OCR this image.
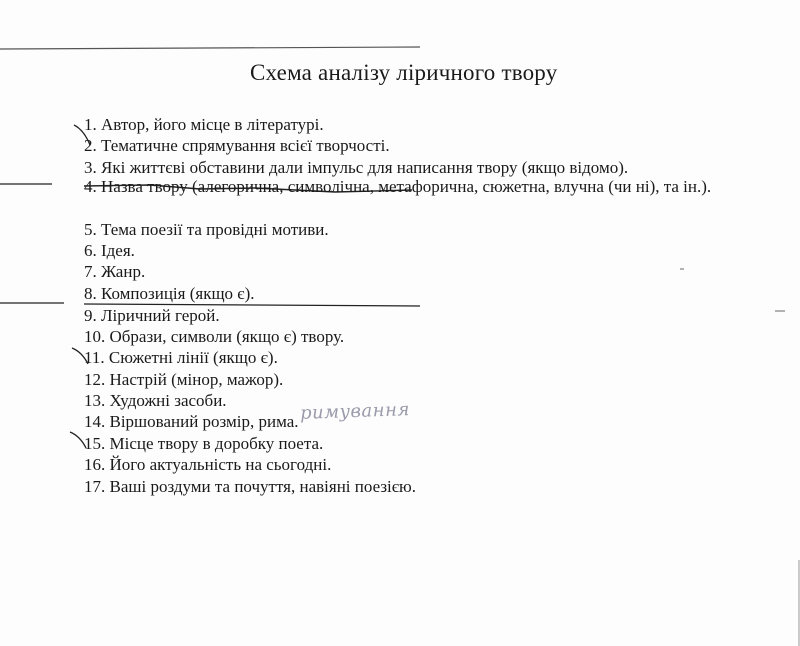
Схема аналізу ліричного твору
1. Автор, його місце в літературі.
2. Тематичне спрямування всієї творчості.
3. Які життєві обставини дали імпульс для написання твору (якщо відомо).
4. Назва твору (алегорична, символічна, метафорична, сюжетна, влучна (чи ні), та ін.).
5. Тема поезії та провідні мотиви.
6. Ідея.
7. Жанр.
8. Композиція (якщо є).
9. Ліричний герой.
10. Образи, символи (якщо є) твору.
11. Сюжетні лінії (якщо є).
12. Настрій (мінор, мажор).
13. Художні засоби.
14. Віршований розмір, рима.
15. Місце твору в доробку поета.
16. Його актуальність на сьогодні.
17. Ваші роздуми та почуття, навіяні поезією.
римування
